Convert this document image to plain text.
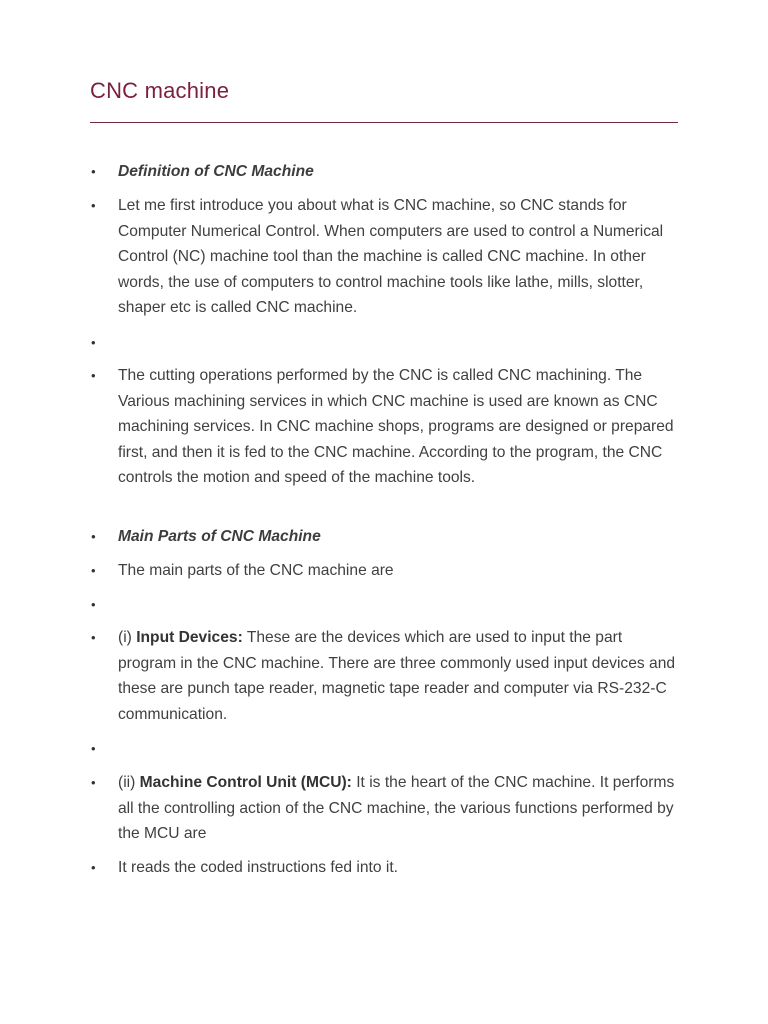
CNC machine
•	Definition of CNC Machine
•	Let me first introduce you about what is CNC machine, so CNC stands for Computer Numerical Control. When computers are used to control a Numerical Control (NC) machine tool than the machine is called CNC machine. In other words, the use of computers to control machine tools like lathe, mills, slotter, shaper etc is called CNC machine.
•
•	The cutting operations performed by the CNC is called CNC machining. The Various machining services in which CNC machine is used are known as CNC machining services. In CNC machine shops, programs are designed or prepared first, and then it is fed to the CNC machine. According to the program, the CNC controls the motion and speed of the machine tools.
•	Main Parts of CNC Machine
•	The main parts of the CNC machine are
•
•	(i) Input Devices: These are the devices which are used to input the part program in the CNC machine. There are three commonly used input devices and these are punch tape reader, magnetic tape reader and computer via RS-232-C communication.
•
•	(ii) Machine Control Unit (MCU): It is the heart of the CNC machine. It performs all the controlling action of the CNC machine, the various functions performed by the MCU are
•	It reads the coded instructions fed into it.
